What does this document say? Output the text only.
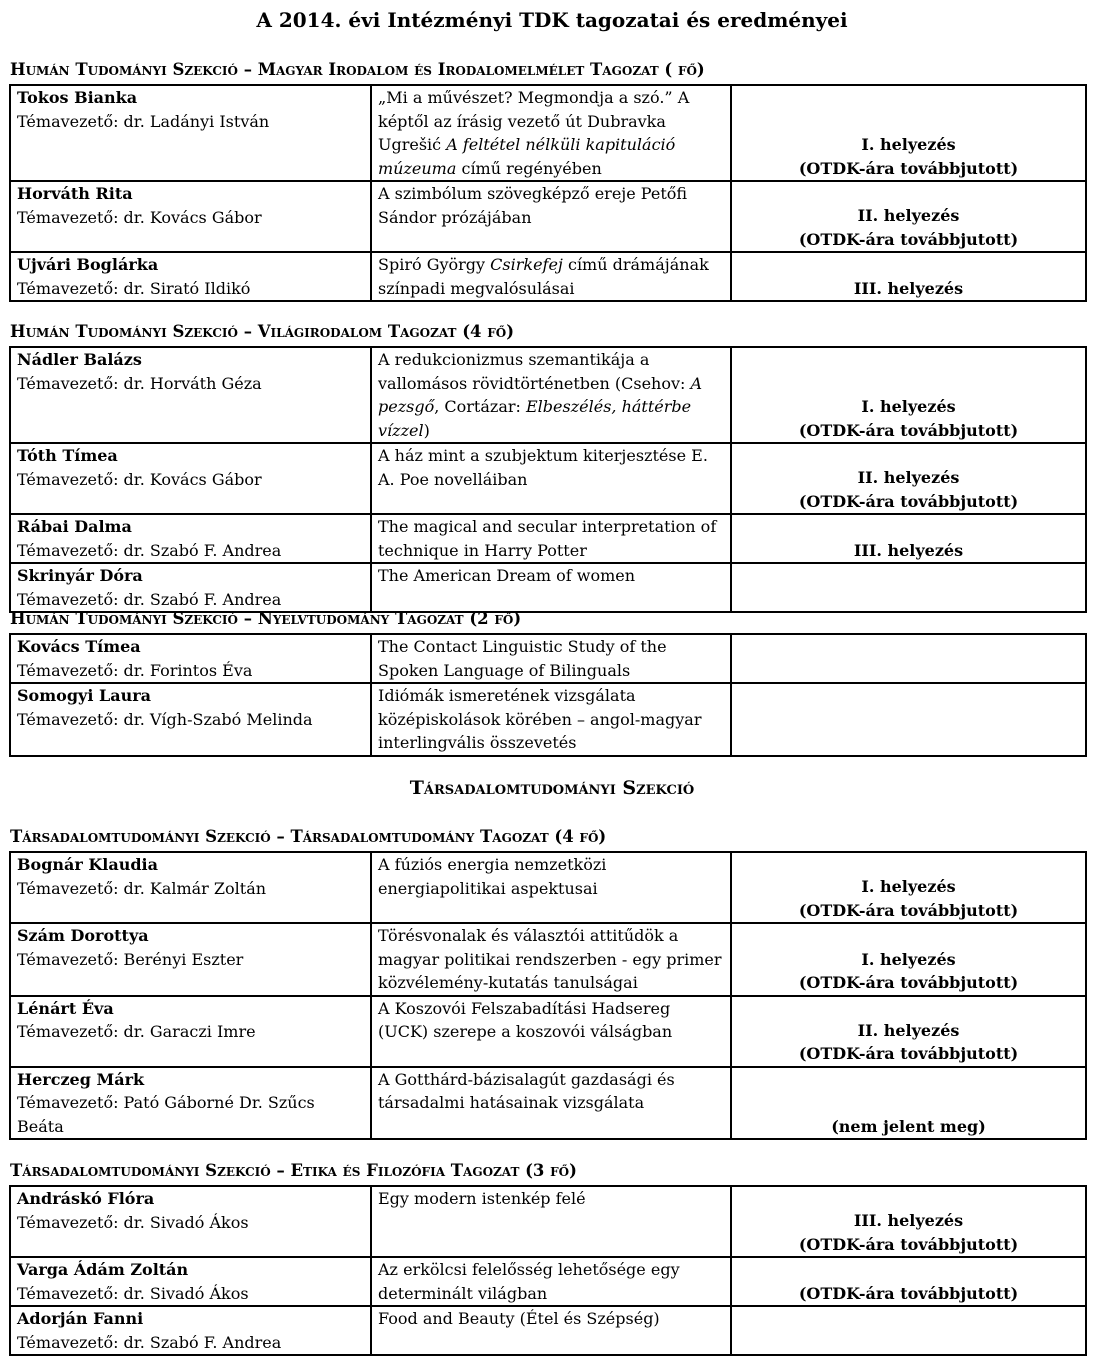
A 2014. évi Intézményi TDK tagozatai és eredményei
Humán Tudományi Szekció – Magyar Irodalom és Irodalomelmélet Tagozat ( fő)
Tokos Bianka
Témavezető: dr. Ladányi István	„Mi a művészet? Megmondja a szó.” A képtől az írásig vezető út Dubravka Ugrešić A feltétel nélküli kapituláció múzeuma című regényében	I. helyezés
(OTDK-ára továbbjutott)

Horváth Rita
Témavezető: dr. Kovács Gábor	A szimbólum szövegképző ereje Petőfi Sándor prózájában	II. helyezés
(OTDK-ára továbbjutott)

Ujvári Boglárka
Témavezető: dr. Sirató Ildikó	Spiró György Csirkefej című drámájának színpadi megvalósulásai	III. helyezés
Humán Tudományi Szekció – Világirodalom Tagozat (4 fő)
Nádler Balázs
Témavezető: dr. Horváth Géza	A redukcionizmus szemantikája a vallomásos rövidtörténetben (Csehov: A pezsgő, Cortázar: Elbeszélés, háttérbe vízzel)	I. helyezés
(OTDK-ára továbbjutott)

Tóth Tímea
Témavezető: dr. Kovács Gábor	A ház mint a szubjektum kiterjesztése E. A. Poe novelláiban	II. helyezés
(OTDK-ára továbbjutott)

Rábai Dalma
Témavezető: dr. Szabó F. Andrea	The magical and secular interpretation of technique in Harry Potter	III. helyezés

Skrinyár Dóra
Témavezető: dr. Szabó F. Andrea	The American Dream of women	
Humán Tudományi Szekció – Nyelvtudomány Tagozat (2 fő)
Kovács Tímea
Témavezető: dr. Forintos Éva	The Contact Linguistic Study of the Spoken Language of Bilinguals	

Somogyi Laura
Témavezető: dr. Vígh-Szabó Melinda	Idiómák ismeretének vizsgálata középiskolások körében – angol-magyar interlingvális összevetés	
Társadalomtudományi Szekció
Társadalomtudományi Szekció – Társadalomtudomány Tagozat (4 fő)
Bognár Klaudia
Témavezető: dr. Kalmár Zoltán	A fúziós energia nemzetközi energiapolitikai aspektusai	I. helyezés
(OTDK-ára továbbjutott)

Szám Dorottya
Témavezető: Berényi Eszter	Törésvonalak és választói attitűdök a magyar politikai rendszerben - egy primer közvélemény-kutatás tanulságai	I. helyezés
(OTDK-ára továbbjutott)

Lénárt Éva
Témavezető: dr. Garaczi Imre	A Koszovói Felszabadítási Hadsereg (UCK) szerepe a koszovói válságban	II. helyezés
(OTDK-ára továbbjutott)

Herczeg Márk
Témavezető: Pató Gáborné Dr. Szűcs Beáta	A Gotthárd-bázisalagút gazdasági és társadalmi hatásainak vizsgálata	(nem jelent meg)
Társadalomtudományi Szekció – Etika és Filozófia Tagozat (3 fő)
Andráskó Flóra
Témavezető: dr. Sivadó Ákos	Egy modern istenkép felé	III. helyezés
(OTDK-ára továbbjutott)

Varga Ádám Zoltán
Témavezető: dr. Sivadó Ákos	Az erkölcsi felelősség lehetősége egy determinált világban	(OTDK-ára továbbjutott)

Adorján Fanni
Témavezető: dr. Szabó F. Andrea	Food and Beauty (Étel és Szépség)	
